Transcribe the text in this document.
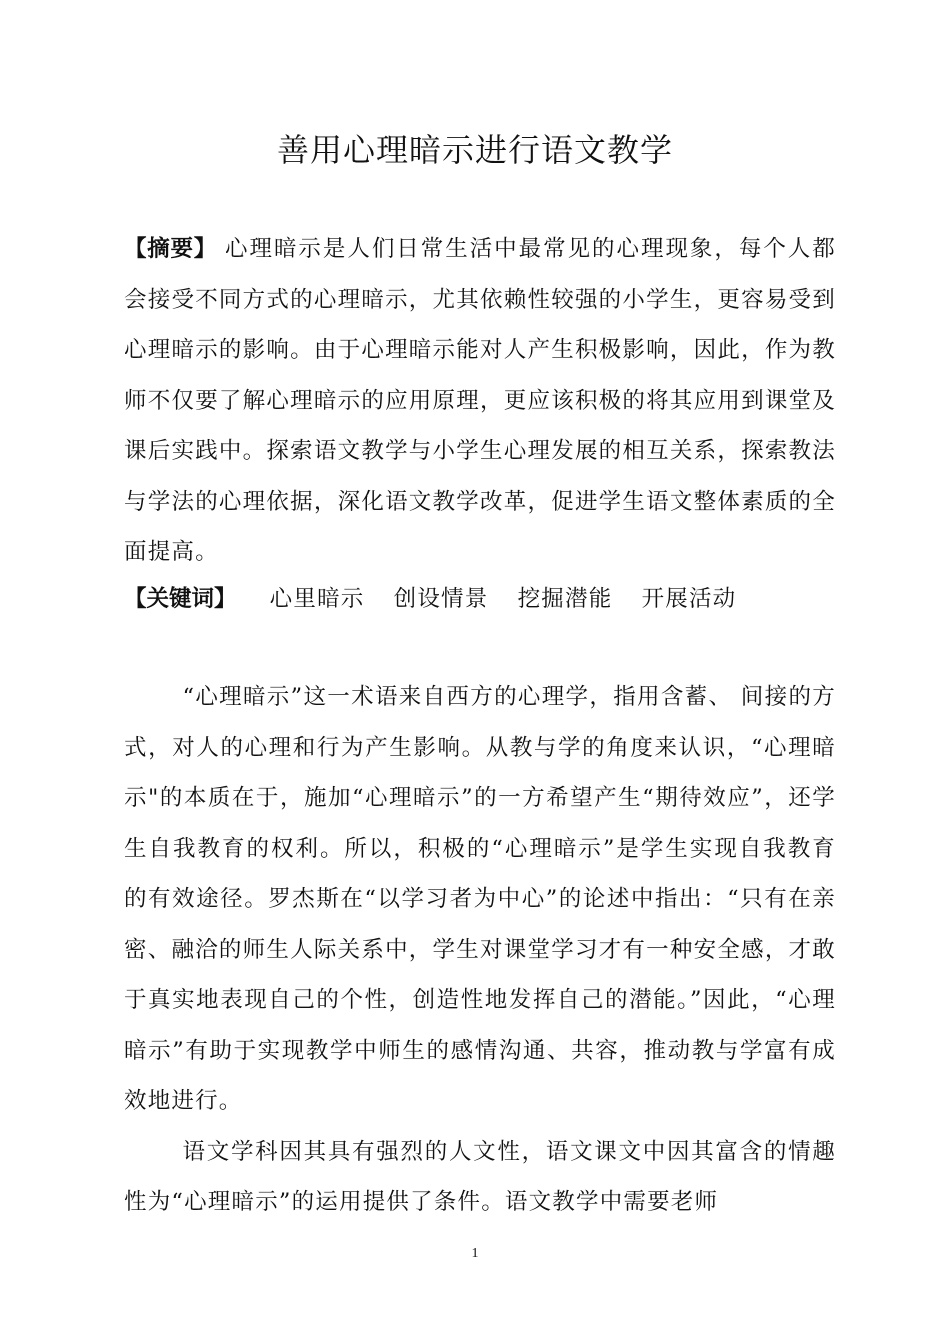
善用心理暗示进行语文教学
【摘要】 心理暗示是人们日常生活中最常见的心理现象，每个人都会接受不同方式的心理暗示，尤其依赖性较强的小学生，更容易受到心理暗示的影响。由于心理暗示能对人产生积极影响，因此，作为教师不仅要了解心理暗示的应用原理，更应该积极的将其应用到课堂及课后实践中。探索语文教学与小学生心理发展的相互关系，探索教法与学法的心理依据，深化语文教学改革，促进学生语文整体素质的全面提高。
【关键词】 心里暗示 创设情景 挖掘潜能 开展活动

“心理暗示”这一术语来自西方的心理学，指用含蓄、 间接的方式，对人的心理和行为产生影响。从教与学的角度来认识，“心理暗示"的本质在于，施加“心理暗示”的一方希望产生“期待效应”，还学生自我教育的权利。所以，积极的“心理暗示”是学生实现自我教育的有效途径。罗杰斯在“以学习者为中心”的论述中指出：“只有在亲密、融洽的师生人际关系中，学生对课堂学习才有一种安全感，才敢于真实地表现自己的个性，创造性地发挥自己的潜能。”因此，“心理暗示”有助于实现教学中师生的感情沟通、共容，推动教与学富有成效地进行。

语文学科因其具有强烈的人文性，语文课文中因其富含的情趣性为“心理暗示”的运用提供了条件。语文教学中需要老师

1
